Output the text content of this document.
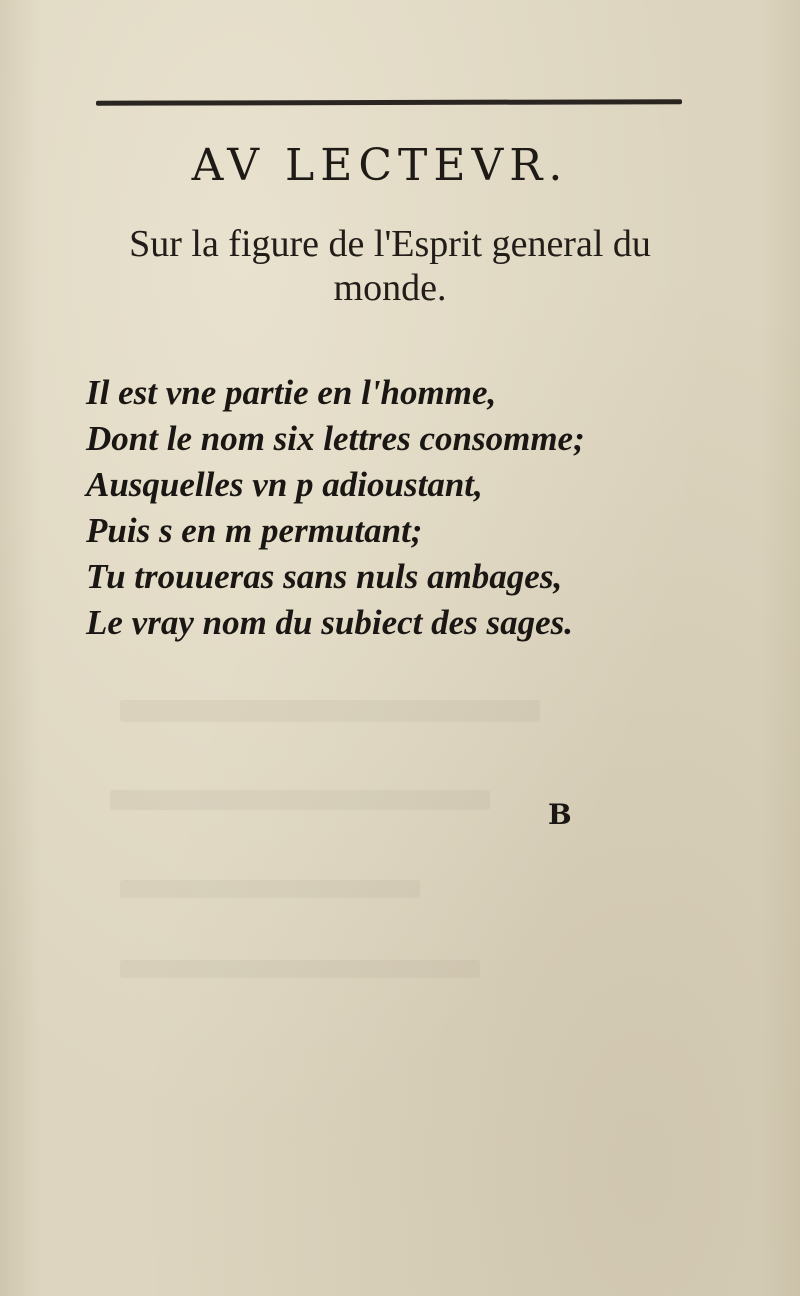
AV LECTEVR.
Sur la figure de l'Esprit general du monde.
Il est vne partie en l'homme,
Dont le nom six lettres consomme;
Ausquelles vn p adioustant,
Puis s en m permutant;
Tu trouueras sans nuls ambages,
Le vray nom du subiect des sages.
B
